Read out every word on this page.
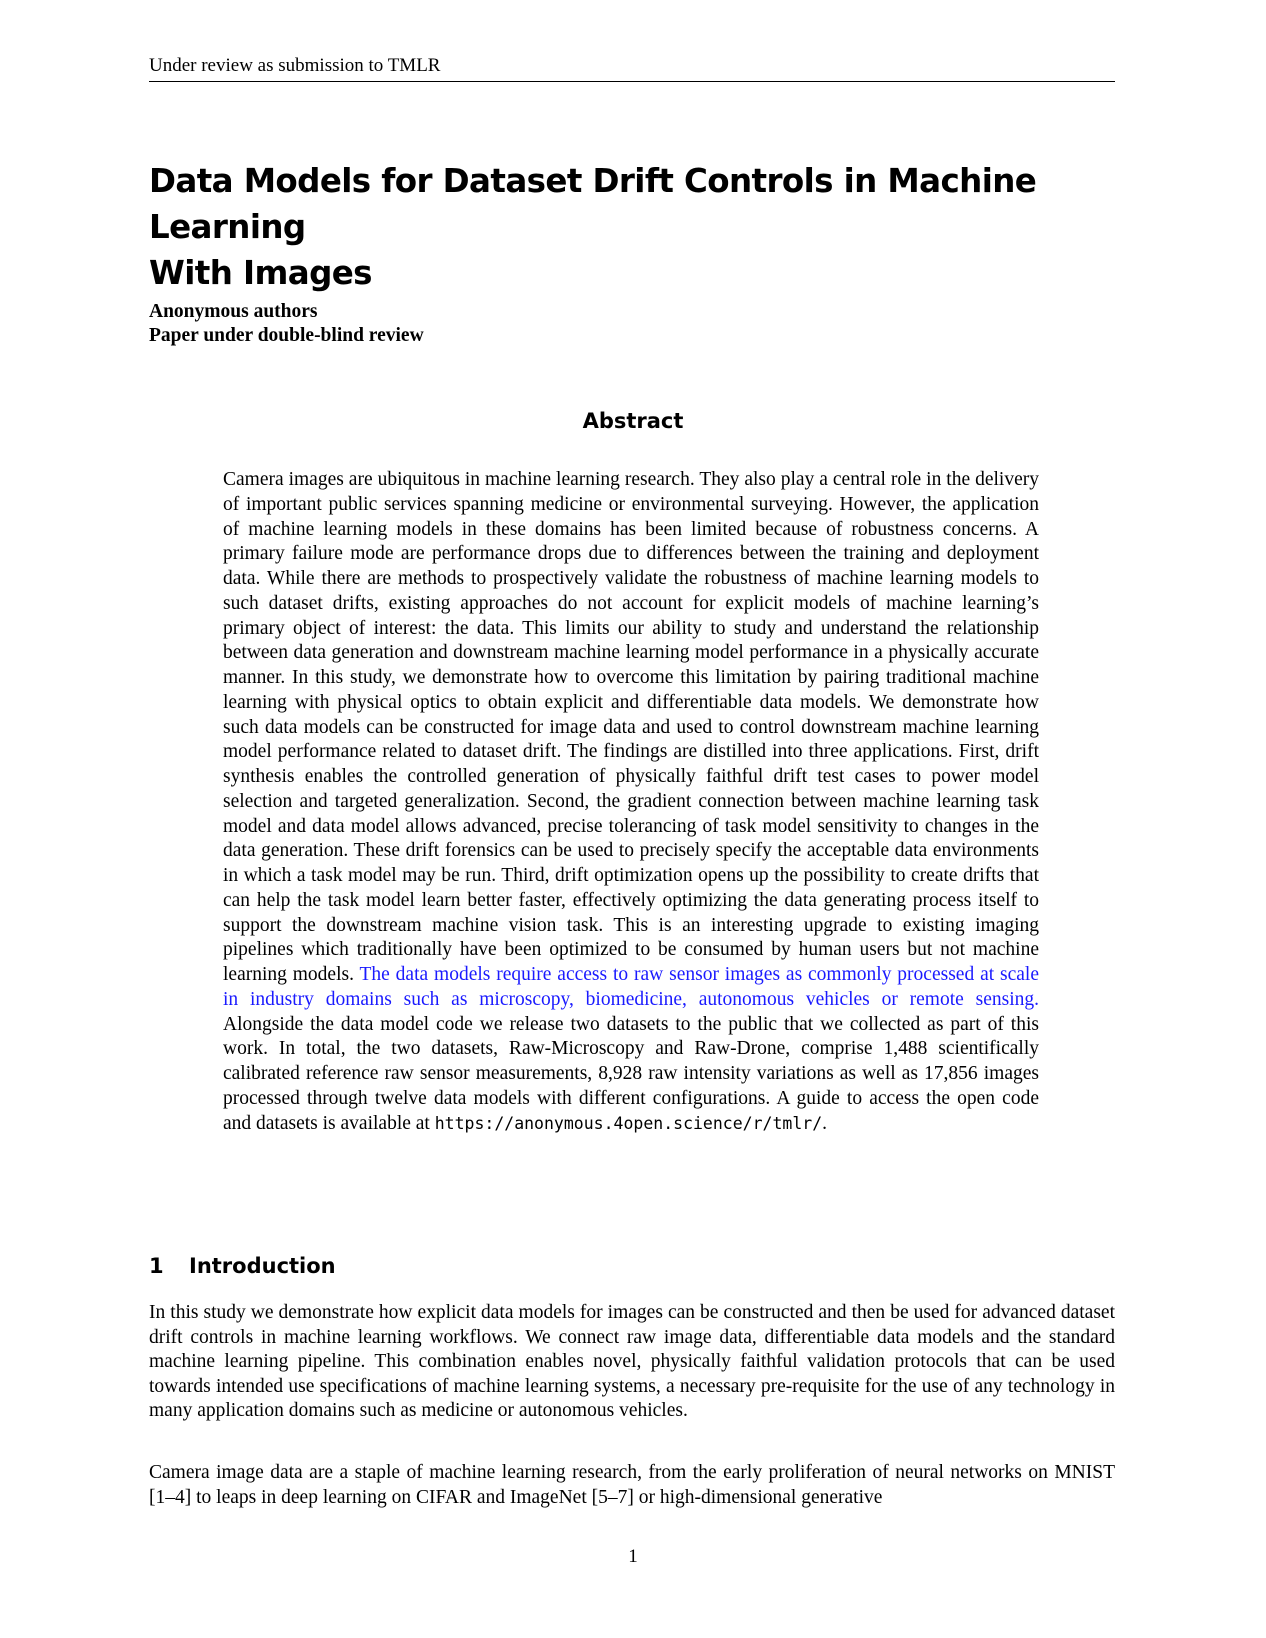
Under review as submission to TMLR
Data Models for Dataset Drift Controls in Machine Learning
With Images
Anonymous authors
Paper under double-blind review
Abstract

Camera images are ubiquitous in machine learning research. They also play a central role in the delivery of important public services spanning medicine or environmental surveying. However, the application of machine learning models in these domains has been limited because of robustness concerns. A primary failure mode are performance drops due to differences between the training and deployment data. While there are methods to prospectively validate the robustness of machine learning models to such dataset drifts, existing approaches do not account for explicit models of machine learning’s primary object of interest: the data. This limits our ability to study and understand the relationship between data generation and downstream machine learning model performance in a physically accurate manner. In this study, we demonstrate how to overcome this limitation by pairing traditional machine learning with physical optics to obtain explicit and differentiable data models. We demonstrate how such data models can be constructed for image data and used to control downstream machine learning model performance related to dataset drift. The findings are distilled into three applications. First, drift synthesis enables the controlled generation of physically faithful drift test cases to power model selection and targeted generalization. Second, the gradient connection between machine learning task model and data model allows advanced, precise tolerancing of task model sensitivity to changes in the data generation. These drift forensics can be used to precisely specify the acceptable data environments in which a task model may be run. Third, drift optimization opens up the possibility to create drifts that can help the task model learn better faster, effectively optimizing the data generating process itself to support the downstream machine vision task. This is an interesting upgrade to existing imaging pipelines which traditionally have been optimized to be consumed by human users but not machine learning models. The data models require access to raw sensor images as commonly processed at scale in industry domains such as microscopy, biomedicine, autonomous vehicles or remote sensing. Alongside the data model code we release two datasets to the public that we collected as part of this work. In total, the two datasets, Raw-Microscopy and Raw-Drone, comprise 1,488 scientifically calibrated reference raw sensor measurements, 8,928 raw intensity variations as well as 17,856 images processed through twelve data models with different configurations. A guide to access the open code and datasets is available at https://anonymous.4open.science/r/tmlr/.

1 Introduction

In this study we demonstrate how explicit data models for images can be constructed and then be used for advanced dataset drift controls in machine learning workflows. We connect raw image data, differentiable data models and the standard machine learning pipeline. This combination enables novel, physically faithful validation protocols that can be used towards intended use specifications of machine learning systems, a necessary pre-requisite for the use of any technology in many application domains such as medicine or autonomous vehicles.

Camera image data are a staple of machine learning research, from the early proliferation of neural networks on MNIST [1–4] to leaps in deep learning on CIFAR and ImageNet [5–7] or high-dimensional generative

1
